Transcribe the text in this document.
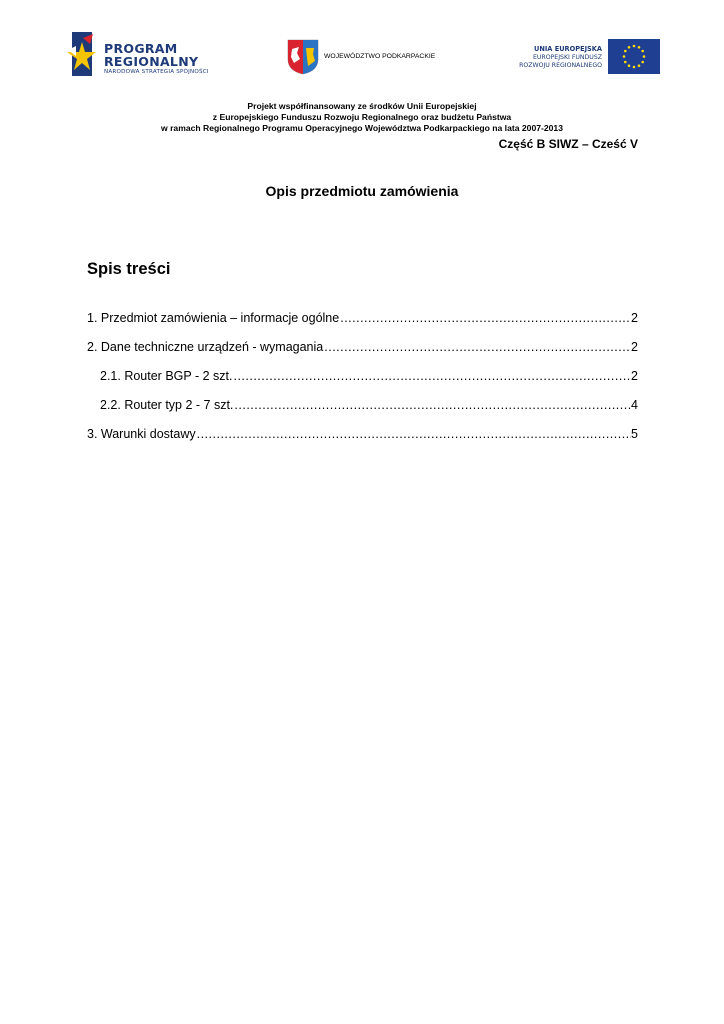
PROGRAM
REGIONALNY
NARODOWA STRATEGIA SPÓJNOŚCI
WOJEWÓDZTWO PODKARPACKIE
UNIA EUROPEJSKA
EUROPEJSKI FUNDUSZ
ROZWOJU REGIONALNEGO
Projekt współfinansowany ze środków Unii Europejskiej
z Europejskiego Funduszu Rozwoju Regionalnego oraz budżetu Państwa
w ramach Regionalnego Programu Operacyjnego Województwa Podkarpackiego na lata 2007-2013
Część B SIWZ – Cześć V
Opis przedmiotu zamówienia
Spis treści
1. Przedmiot zamówienia – informacje ogólne .....	2
2. Dane techniczne urządzeń - wymagania .....	2
2.1. Router BGP - 2 szt. .....	2
2.2. Router typ 2 - 7 szt. .....	4
3. Warunki dostawy .....	5
